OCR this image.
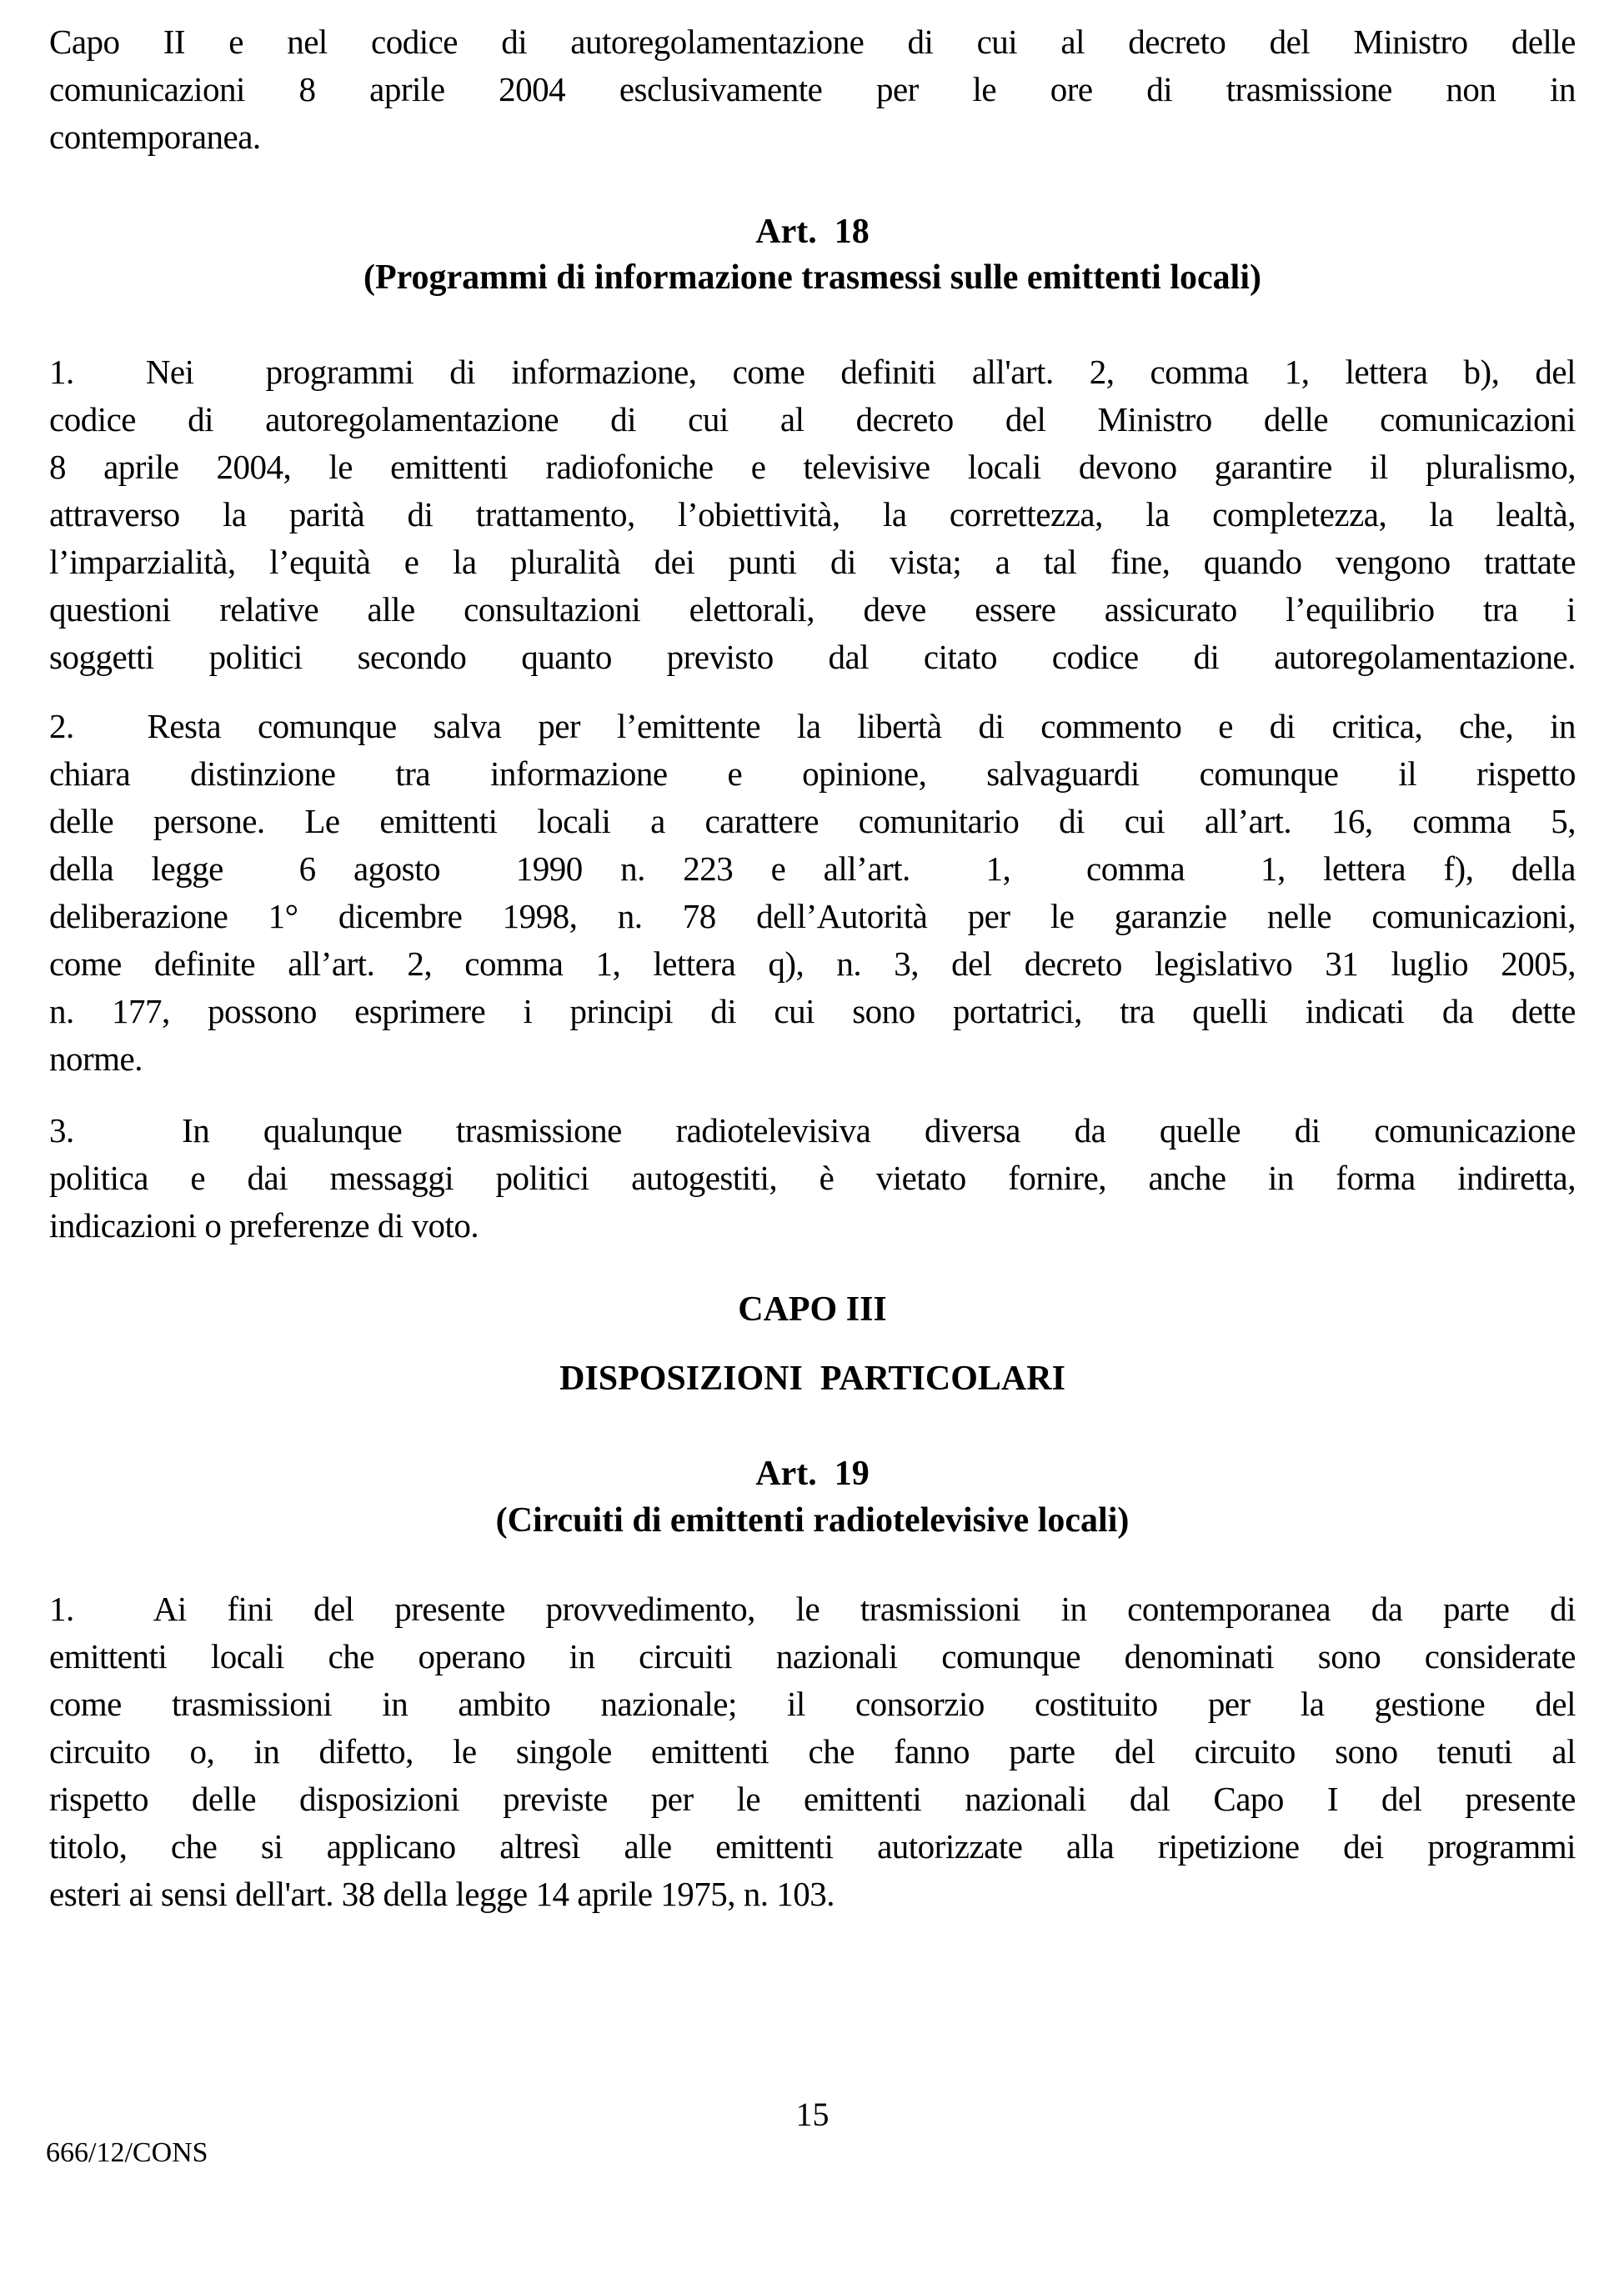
Capo II e nel codice di autoregolamentazione di cui al decreto del Ministro delle
comunicazioni 8 aprile 2004 esclusivamente per le ore di trasmissione non in
contemporanea.
Art.  18
(Programmi di informazione trasmessi sulle emittenti locali)
1.  Nei  programmi di informazione, come definiti all'art. 2, comma 1, lettera b), del
codice di autoregolamentazione di cui al decreto del Ministro delle comunicazioni
8 aprile 2004, le emittenti radiofoniche e televisive locali devono garantire il pluralismo,
attraverso la parità di trattamento, l’obiettività, la correttezza, la completezza, la lealtà,
l’imparzialità, l’equità e la pluralità dei punti di vista; a tal fine, quando vengono trattate
questioni relative alle consultazioni elettorali, deve essere assicurato l’equilibrio tra i
soggetti politici secondo quanto previsto dal citato codice di autoregolamentazione.
2.  Resta comunque salva per l’emittente la libertà di commento e di critica, che, in
chiara distinzione tra informazione e opinione, salvaguardi comunque il rispetto
delle persone. Le emittenti locali a carattere comunitario di cui all’art. 16, comma 5,
della legge  6 agosto  1990 n. 223 e all’art.  1,  comma  1, lettera f), della
deliberazione 1° dicembre 1998, n. 78 dell’Autorità per le garanzie nelle comunicazioni,
come definite all’art. 2, comma 1, lettera q), n. 3, del decreto legislativo 31 luglio 2005,
n. 177, possono esprimere i principi di cui sono portatrici, tra quelli indicati da dette
norme.
3.  In qualunque trasmissione radiotelevisiva diversa da quelle di comunicazione
politica e dai messaggi politici autogestiti, è vietato fornire, anche in forma indiretta,
indicazioni o preferenze di voto.
CAPO III
DISPOSIZIONI  PARTICOLARI
Art.  19
(Circuiti di emittenti radiotelevisive locali)
1.  Ai fini del presente provvedimento, le trasmissioni in contemporanea da parte di
emittenti locali che operano in circuiti nazionali comunque denominati sono considerate
come trasmissioni in ambito nazionale; il consorzio costituito per la gestione del
circuito o, in difetto, le singole emittenti che fanno parte del circuito sono tenuti al
rispetto delle disposizioni previste per le emittenti nazionali dal Capo I del presente
titolo, che si applicano altresì alle emittenti autorizzate alla ripetizione dei programmi
esteri ai sensi dell'art. 38 della legge 14 aprile 1975, n. 103.
15
666/12/CONS
